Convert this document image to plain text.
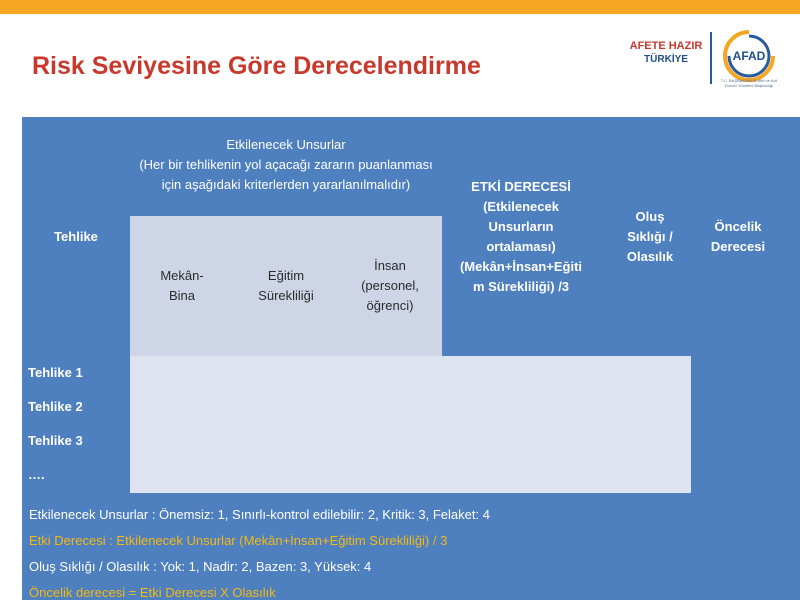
Risk Seviyesine Göre Derecelendirme
AFETE HAZIR
TÜRKİYE	AFAD
T.C. BAŞBAKANLIK Afet ve Acil Durum Yönetimi Başkanlığı
Tehlike
Etkilenecek Unsurlar
(Her bir tehlikenin yol açacağı zararın puanlanması için aşağıdaki kriterlerden yararlanılmalıdır)
Mekân-
Bina
Eğitim
Sürekliliği
İnsan
(personel,
öğrenci)
ETKİ DERECESİ
(Etkilenecek
Unsurların
ortalaması)
(Mekân+İnsan+Eğiti
m Sürekliliği) /3
Oluş
Sıklığı /
Olasılık
Öncelik
Derecesi
Tehlike 1
Tehlike 2
Tehlike 3
….
Etkilenecek Unsurlar : Önemsiz: 1, Sınırlı-kontrol edilebilir: 2, Kritik: 3, Felaket: 4
Etki Derecesi : Etkilenecek Unsurlar (Mekân+İnsan+Eğitim Sürekliliği) / 3
Oluş Sıklığı / Olasılık : Yok: 1, Nadir: 2, Bazen: 3, Yüksek: 4
Öncelik derecesi = Etki Derecesi X Olasılık
